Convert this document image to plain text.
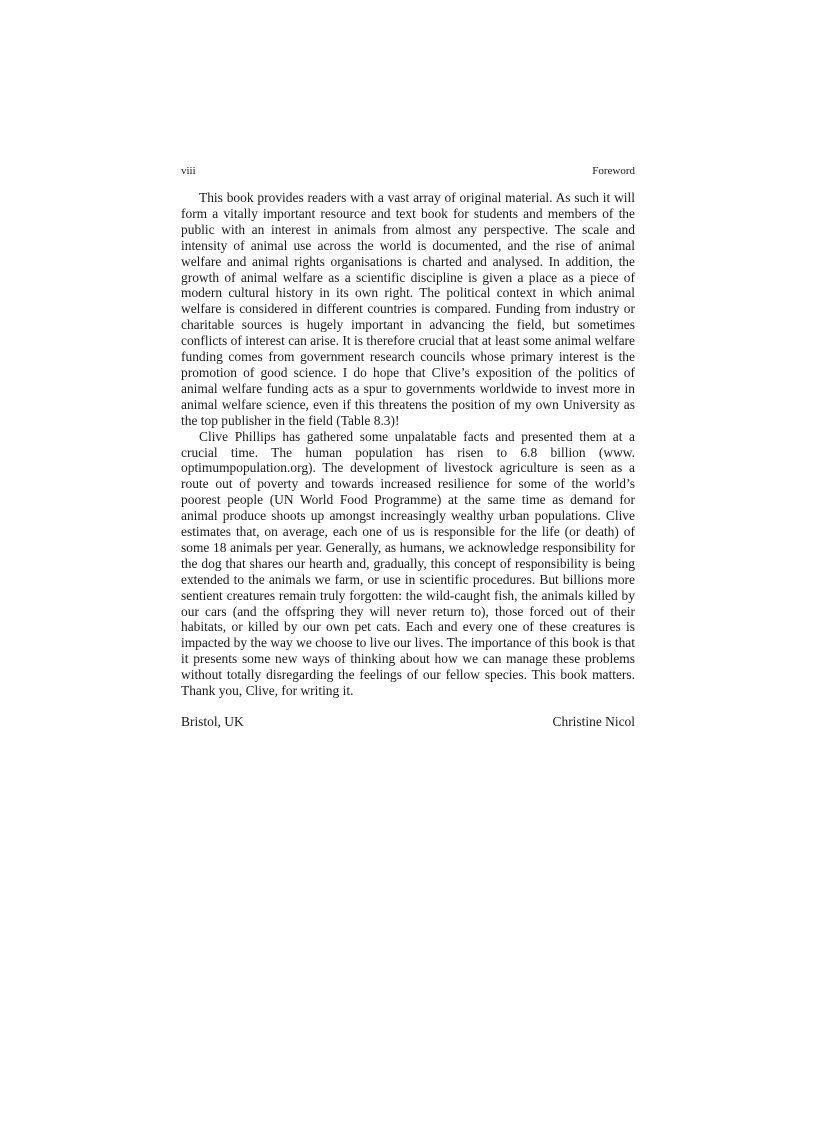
viii	Foreword

This book provides readers with a vast array of original material. As such it will form a vitally important resource and text book for students and members of the public with an interest in animals from almost any perspective. The scale and intensity of animal use across the world is documented, and the rise of animal welfare and animal rights organisations is charted and analysed. In addition, the growth of animal welfare as a scientific discipline is given a place as a piece of modern cultural history in its own right. The political context in which animal welfare is considered in different countries is compared. Funding from industry or charitable sources is hugely important in advancing the field, but sometimes conflicts of interest can arise. It is therefore crucial that at least some animal welfare funding comes from government research councils whose primary interest is the promotion of good science. I do hope that Clive’s exposition of the politics of animal welfare funding acts as a spur to governments worldwide to invest more in animal welfare science, even if this threatens the position of my own University as the top publisher in the field (Table 8.3)!

Clive Phillips has gathered some unpalatable facts and presented them at a crucial time. The human population has risen to 6.8 billion (www.​optimumpopulation.org). The development of livestock agriculture is seen as a route out of poverty and towards increased resilience for some of the world’s poorest people (UN World Food Programme) at the same time as demand for animal produce shoots up amongst increasingly wealthy urban populations. Clive estimates that, on average, each one of us is responsible for the life (or death) of some 18 animals per year. Generally, as humans, we acknowledge responsibility for the dog that shares our hearth and, gradually, this concept of responsibility is being extended to the animals we farm, or use in scientific procedures. But billions more sentient creatures remain truly forgotten: the wild-caught fish, the animals killed by our cars (and the offspring they will never return to), those forced out of their habitats, or killed by our own pet cats. Each and every one of these creatures is impacted by the way we choose to live our lives. The importance of this book is that it presents some new ways of thinking about how we can manage these problems without totally disregarding the feelings of our fellow species. This book matters. Thank you, Clive, for writing it.

Bristol, UK	Christine Nicol
